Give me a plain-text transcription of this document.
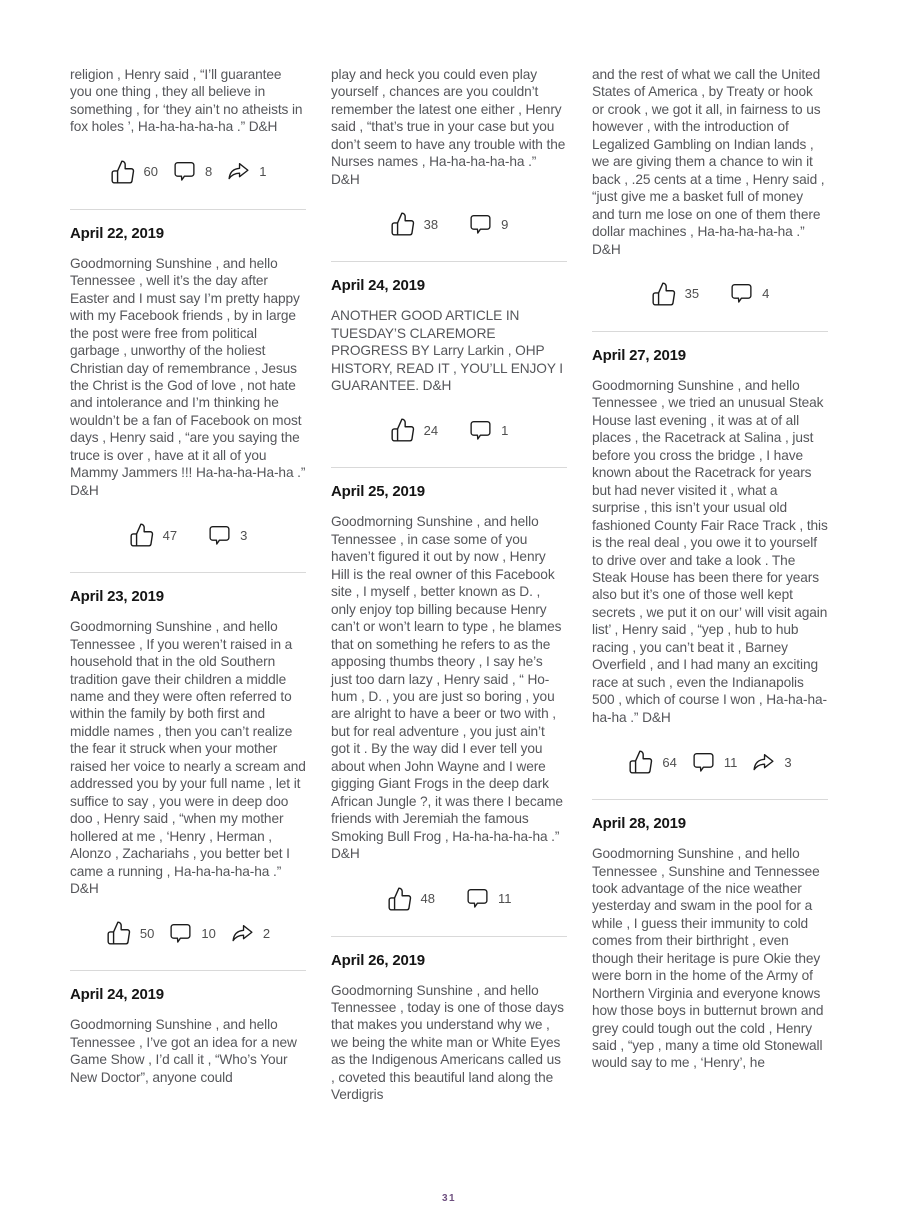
religion , Henry said , “I’ll guarantee you one thing , they all believe in something , for ‘they ain’t no atheists in fox holes ’, Ha-ha-ha-ha-ha .” D&H

60	8	1
April 22, 2019

Goodmorning Sunshine , and hello Tennessee , well it’s the day after Easter and I must say I’m pretty happy with my Facebook friends , by in large the post were free from political garbage , unworthy of the holiest Christian day of remembrance , Jesus the Christ is the God of love , not hate and intolerance and I’m thinking he wouldn’t be a fan of Facebook on most days , Henry said , “are you saying the truce is over , have at it all of you Mammy Jammers !!! Ha-ha-ha-Ha-ha .” D&H

47	3
April 23, 2019

Goodmorning Sunshine , and hello Tennessee , If you weren’t raised in a household that in the old Southern tradition gave their children a middle name and they were often referred to within the family by both first and middle names , then you can’t realize the fear it struck when your mother raised her voice to nearly a scream and addressed you by your full name , let it suffice to say , you were in deep doo doo , Henry said , “when my mother hollered at me , ‘Henry , Herman , Alonzo , Zachariahs , you better bet I came a running , Ha-ha-ha-ha-ha .” D&H

50	10	2
April 24, 2019

Goodmorning Sunshine , and hello Tennessee , I’ve got an idea for a new Game Show , I’d call it , “Who’s Your New Doctor”, anyone could

play and heck you could even play yourself , chances are you couldn’t remember the latest one either , Henry said , “that’s true in your case but you don’t seem to have any trouble with the Nurses names , Ha-ha-ha-ha-ha .” D&H

38	9
April 24, 2019

ANOTHER GOOD ARTICLE IN TUESDAY’S CLAREMORE PROGRESS BY Larry Larkin , OHP HISTORY, READ IT , YOU’LL ENJOY I GUARANTEE. D&H

24	1
April 25, 2019

Goodmorning Sunshine , and hello Tennessee , in case some of you haven’t figured it out by now , Henry Hill is the real owner of this Facebook site , I myself , better known as D. , only enjoy top billing because Henry can’t or won’t learn to type , he blames that on something he refers to as the apposing thumbs theory , I say he’s just too darn lazy , Henry said , “ Ho-hum , D. , you are just so boring , you are alright to have a beer or two with , but for real adventure , you just ain’t got it . By the way did I ever tell you about when John Wayne and I were gigging Giant Frogs in the deep dark African Jungle ?, it was there I became friends with Jeremiah the famous Smoking Bull Frog , Ha-ha-ha-ha-ha .” D&H

48	11
April 26, 2019

Goodmorning Sunshine , and hello Tennessee , today is one of those days that makes you understand why we , we being the white man or White Eyes as the Indigenous Americans called us , coveted this beautiful land along the Verdigris

and the rest of what we call the United States of America , by Treaty or hook or crook , we got it all, in fairness to us however , with the introduction of Legalized Gambling on Indian lands , we are giving them a chance to win it back , .25 cents at a time , Henry said , “just give me a basket full of money and turn me lose on one of them there dollar machines , Ha-ha-ha-ha-ha .” D&H

35	4
April 27, 2019

Goodmorning Sunshine , and hello Tennessee , we tried an unusual Steak House last evening , it was at of all places , the Racetrack at Salina , just before you cross the bridge , I have known about the Racetrack for years but had never visited it , what a surprise , this isn’t your usual old fashioned County Fair Race Track , this is the real deal , you owe it to yourself to drive over and take a look . The Steak House has been there for years also but it’s one of those well kept secrets , we put it on our’ will visit again list’ , Henry said , “yep , hub to hub racing , you can’t beat it , Barney Overfield , and I had many an exciting race at such , even the Indianapolis 500 , which of course I won , Ha-ha-ha-ha-ha .” D&H

64	11	3
April 28, 2019

Goodmorning Sunshine , and hello Tennessee , Sunshine and Tennessee took advantage of the nice weather yesterday and swam in the pool for a while , I guess their immunity to cold comes from their birthright , even though their heritage is pure Okie they were born in the home of the Army of Northern Virginia and everyone knows how those boys in butternut brown and grey could tough out the cold , Henry said , “yep , many a time old Stonewall would say to me , ‘Henry’, he

31
